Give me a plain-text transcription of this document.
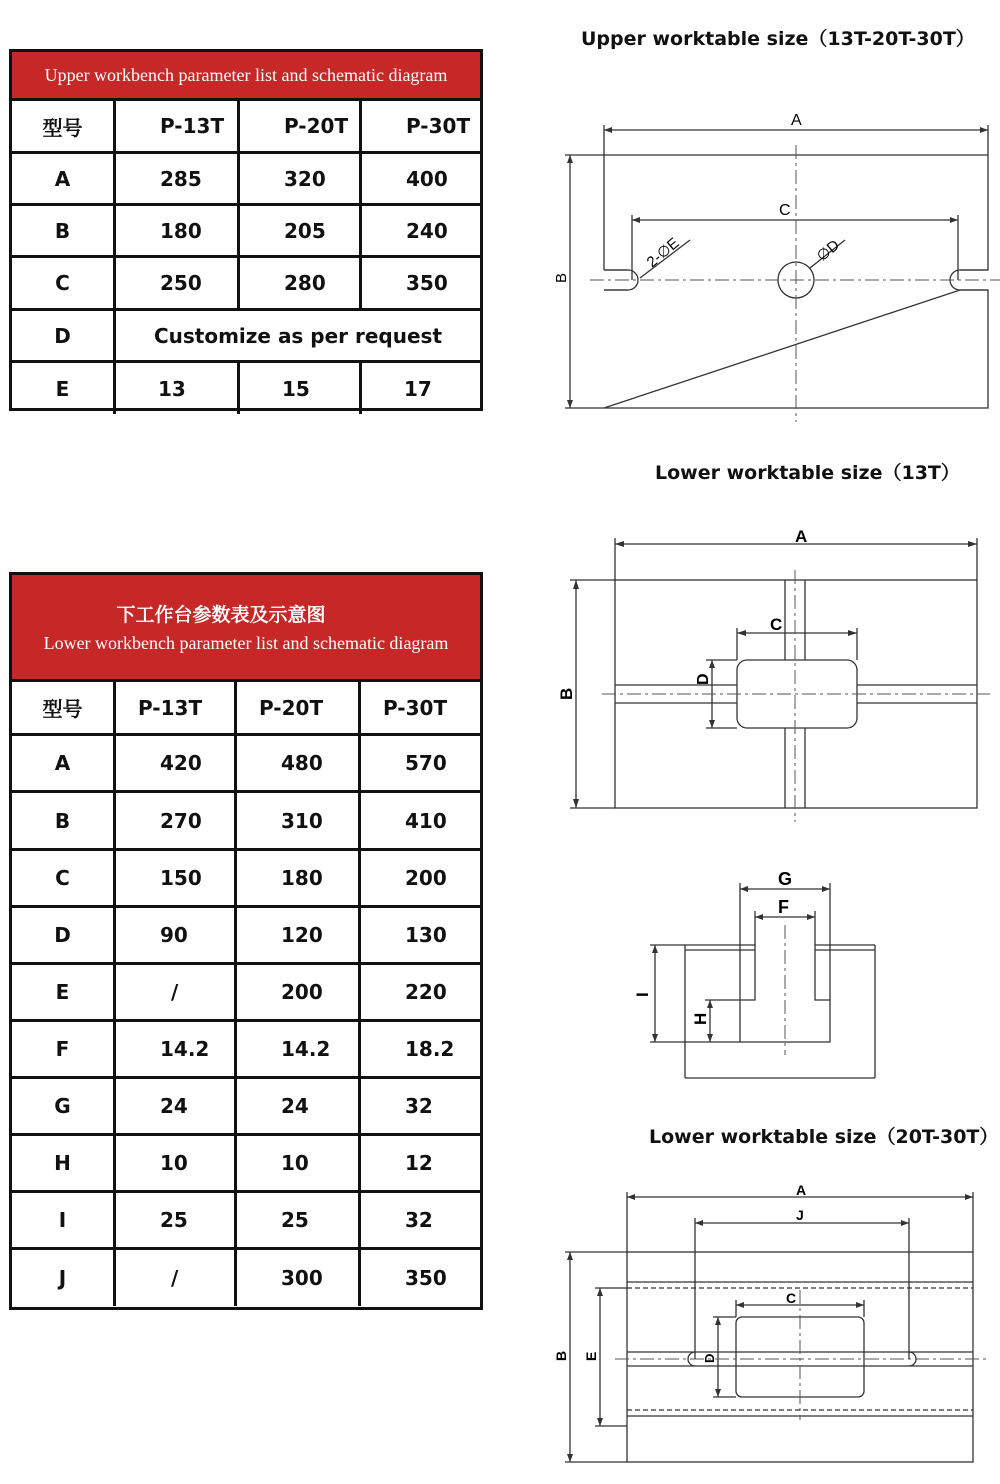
Upper workbench parameter list and schematic diagram
型号	P-13T	P-20T	P-30T
A	285	320	400
B	180	205	240
C	250	280	350
D	Customize as per request
E	13	15	17
下工作台参数表及示意图
Lower workbench parameter list and schematic diagram
型号	P-13T	P-20T	P-30T
A	420	480	570
B	270	310	410
C	150	180	200
D	90	120	130
E	/	200	220
F	14.2	14.2	18.2
G	24	24	32
H	10	10	12
I	25	25	32
J	/	300	350
Upper worktable size（13T-20T-30T）
Lower worktable size（13T）
Lower worktable size（20T-30T）
A
C
B
2-∅E	∅D
A
B
C
D
G
F
I
H
A
J
C
B E	D
